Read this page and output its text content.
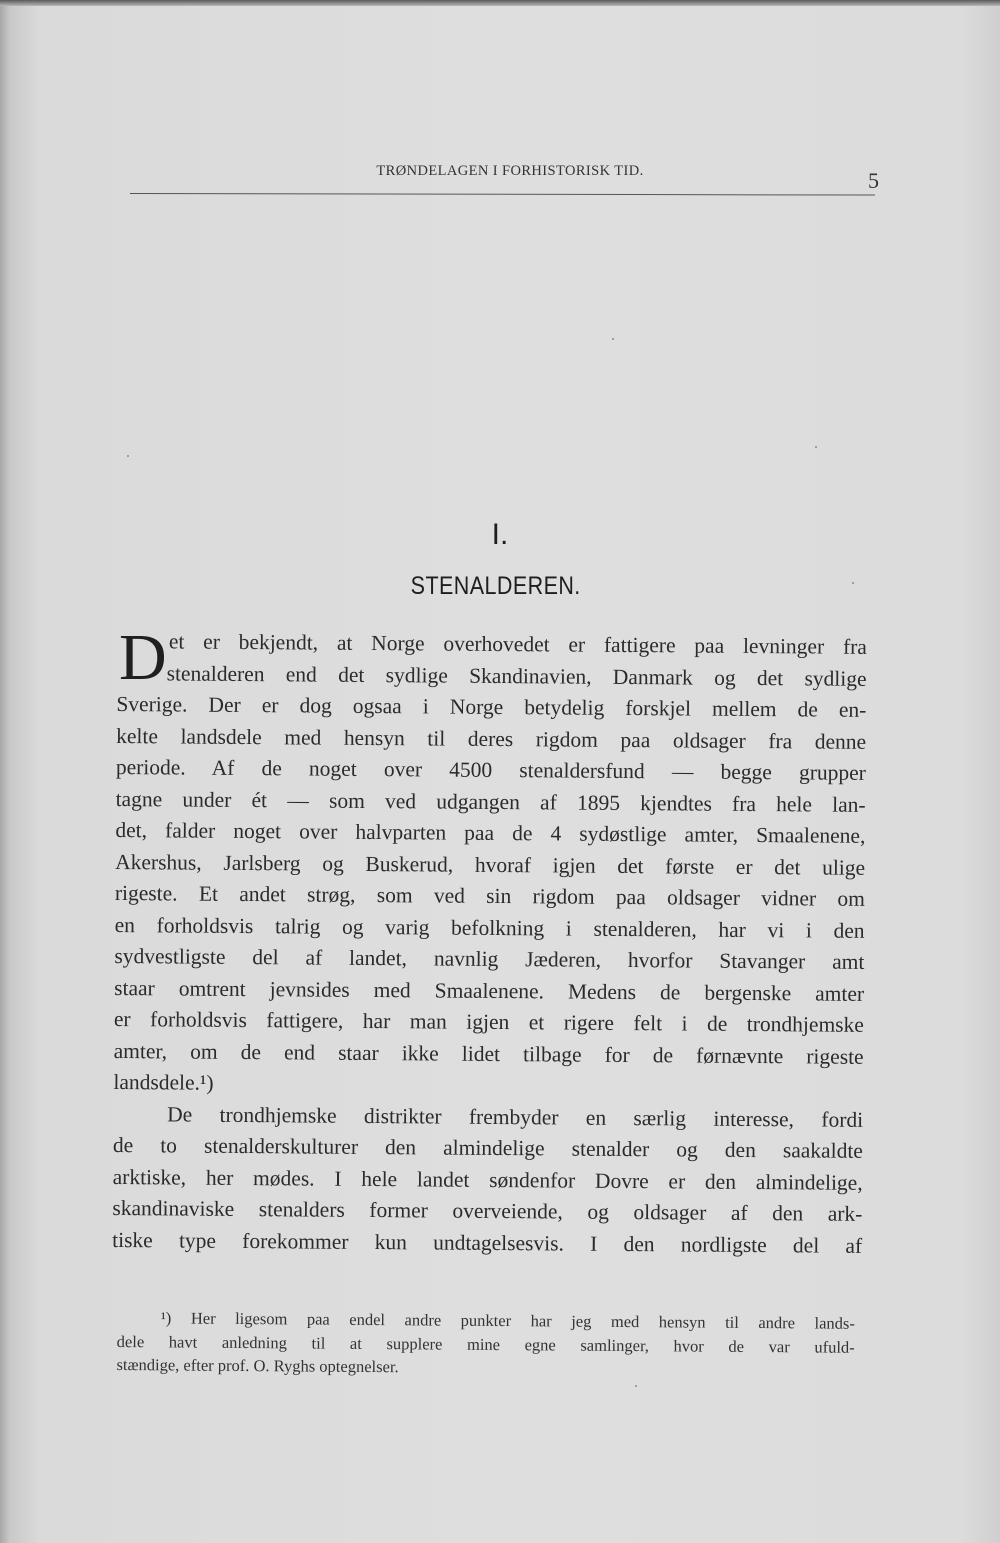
TRØNDELAGEN I FORHISTORISK TID.	5
I.
STENALDEREN.
D et er bekjendt, at Norge overhovedet er fattigere paa levninger fra
stenalderen end det sydlige Skandinavien, Danmark og det sydlige
Sverige. Der er dog ogsaa i Norge betydelig forskjel mellem de en-
kelte landsdele med hensyn til deres rigdom paa oldsager fra denne
periode. Af de noget over 4500 stenaldersfund — begge grupper
tagne under ét — som ved udgangen af 1895 kjendtes fra hele lan-
det, falder noget over halvparten paa de 4 sydøstlige amter, Smaalenene,
Akershus, Jarlsberg og Buskerud, hvoraf igjen det første er det ulige
rigeste. Et andet strøg, som ved sin rigdom paa oldsager vidner om
en forholdsvis talrig og varig befolkning i stenalderen, har vi i den
sydvestligste del af landet, navnlig Jæderen, hvorfor Stavanger amt
staar omtrent jevnsides med Smaalenene. Medens de bergenske amter
er forholdsvis fattigere, har man igjen et rigere felt i de trondhjemske
amter, om de end staar ikke lidet tilbage for de førnævnte rigeste
landsdele.¹)
De trondhjemske distrikter frembyder en særlig interesse, fordi
de to stenalderskulturer den almindelige stenalder og den saakaldte
arktiske, her mødes. I hele landet søndenfor Dovre er den almindelige,
skandinaviske stenalders former overveiende, og oldsager af den ark-
tiske type forekommer kun undtagelsesvis. I den nordligste del af
¹) Her ligesom paa endel andre punkter har jeg med hensyn til andre lands-
dele havt anledning til at supplere mine egne samlinger, hvor de var ufuld-
stændige, efter prof. O. Ryghs optegnelser.
